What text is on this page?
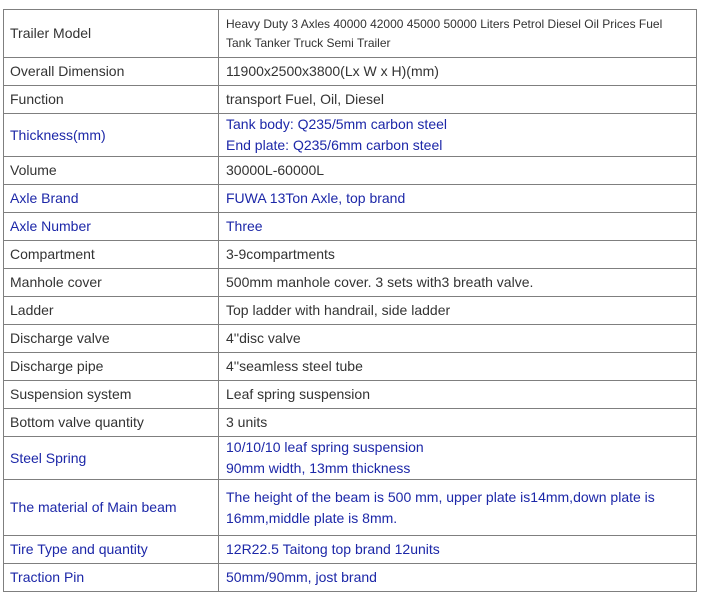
Trailer Model	Heavy Duty 3 Axles 40000 42000 45000 50000 Liters Petrol Diesel Oil Prices Fuel
Tank Tanker Truck Semi Trailer

Overall Dimension	11900x2500x3800(Lx W x H)(mm)

Function	transport Fuel, Oil, Diesel

Thickness(mm)	Tank body: Q235/5mm carbon steel
End plate: Q235/6mm carbon steel

Volume	30000L-60000L

Axle Brand	FUWA 13Ton Axle, top brand

Axle Number	Three

Compartment	3-9compartments

Manhole cover	500mm manhole cover. 3 sets with3 breath valve.

Ladder	Top ladder with handrail, side ladder

Discharge valve	4''disc valve

Discharge pipe	4''seamless steel tube

Suspension system	Leaf spring suspension

Bottom valve quantity	3 units

Steel Spring	10/10/10 leaf spring suspension
90mm width, 13mm thickness

The material of Main beam	The height of the beam is 500 mm, upper plate is14mm,down plate is
16mm,middle plate is 8mm.

Tire Type and quantity	12R22.5 Taitong top brand 12units

Traction Pin	50mm/90mm, jost brand
